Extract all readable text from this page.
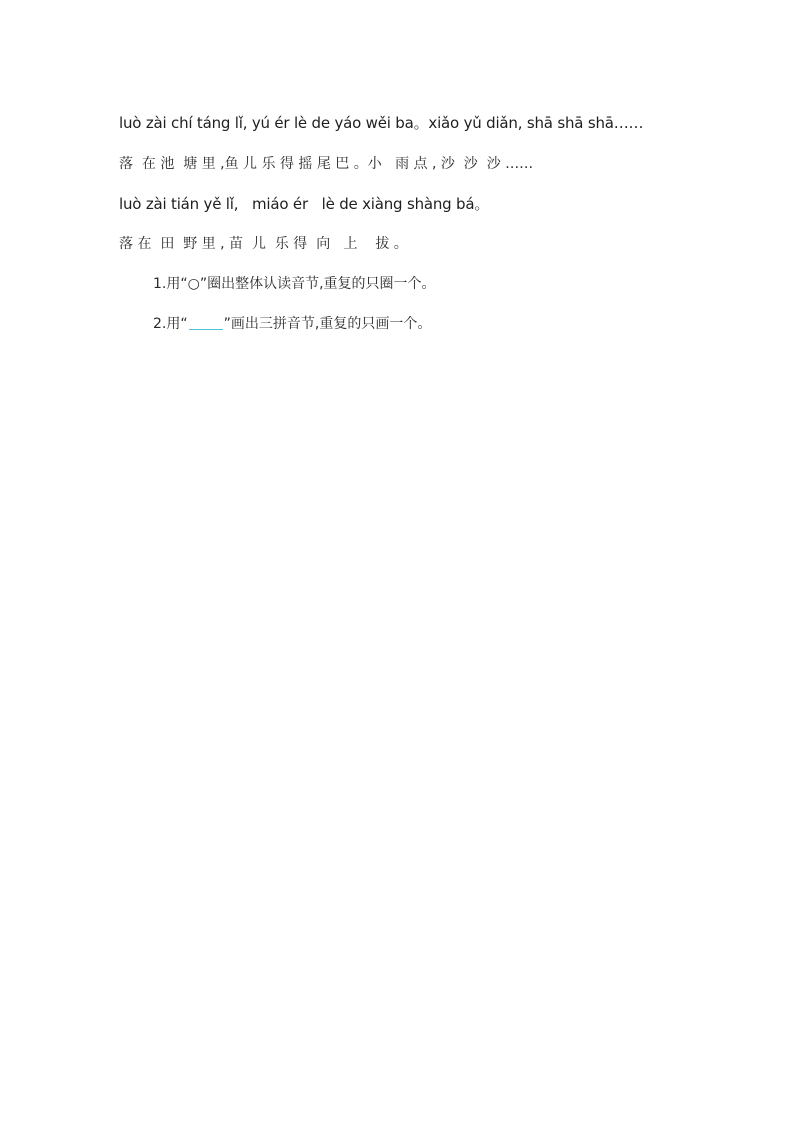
luò zài chí táng lǐ, yú ér lè de yáo wěi ba。xiǎo yǔ diǎn, shā shā shā……
落  在 池  塘 里 ,鱼 儿 乐 得 摇 尾 巴 。小   雨 点 , 沙  沙  沙 ……
luò zài tián yě lǐ,   miáo ér   lè de xiàng shàng bá。
落 在  田  野 里 , 苗  儿  乐 得  向   上    拔 。
1.用“○”圈出整体认读音节,重复的只圈一个。
2.用“	”画出三拼音节,重复的只画一个。
